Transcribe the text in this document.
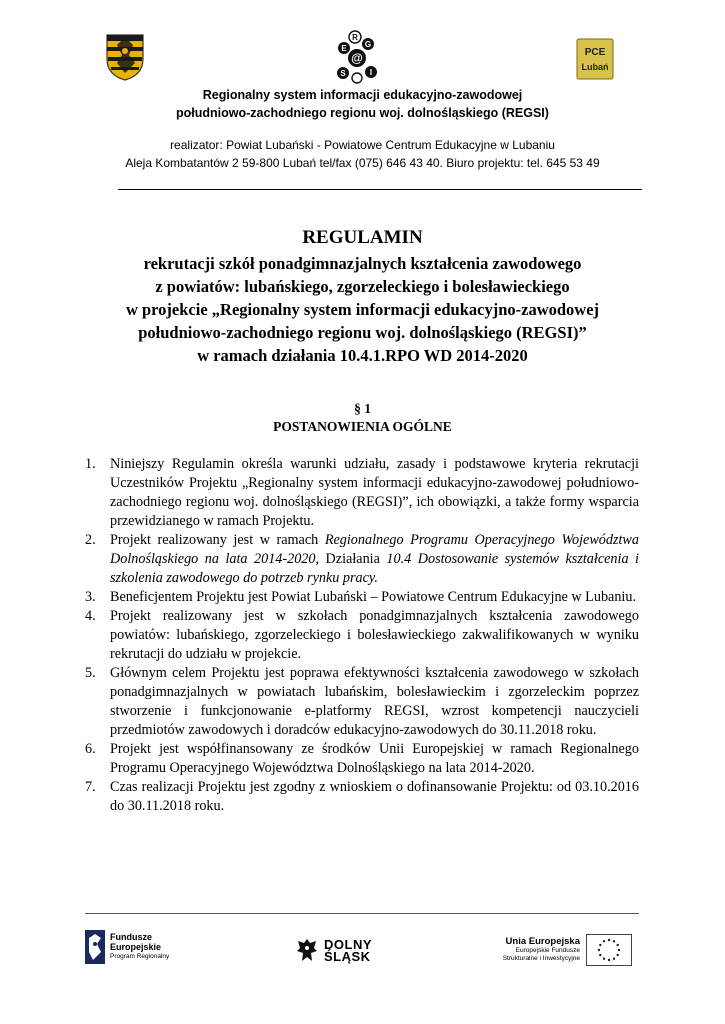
R
E G
@
S	I
PCE
Lubań
Regionalny system informacji edukacyjno-zawodowej
południowo-zachodniego regionu woj. dolnośląskiego (REGSI)
realizator: Powiat Lubański - Powiatowe Centrum Edukacyjne w Lubaniu
Aleja Kombatantów 2 59-800 Lubań tel/fax (075) 646 43 40. Biuro projektu: tel. 645 53 49
REGULAMIN
rekrutacji szkół ponadgimnazjalnych kształcenia zawodowego
z powiatów: lubańskiego, zgorzeleckiego i bolesławieckiego
w projekcie „Regionalny system informacji edukacyjno-zawodowej
południowo-zachodniego regionu woj. dolnośląskiego (REGSI)”
w ramach działania 10.4.1.RPO WD 2014-2020
§ 1
POSTANOWIENIA OGÓLNE

1. Niniejszy Regulamin określa warunki udziału, zasady i podstawowe kryteria rekrutacji Uczestników Projektu „Regionalny system informacji edukacyjno-zawodowej południowo-zachodniego regionu woj. dolnośląskiego (REGSI)”, ich obowiązki, a także formy wsparcia przewidzianego w ramach Projektu.

2. Projekt realizowany jest w ramach Regionalnego Programu Operacyjnego Województwa Dolnośląskiego na lata 2014-2020, Działania 10.4 Dostosowanie systemów kształcenia i szkolenia zawodowego do potrzeb rynku pracy.

3. Beneficjentem Projektu jest Powiat Lubański – Powiatowe Centrum Edukacyjne w Lubaniu.

4. Projekt realizowany jest w szkołach ponadgimnazjalnych kształcenia zawodowego powiatów: lubańskiego, zgorzeleckiego i bolesławieckiego zakwalifikowanych w wyniku rekrutacji do udziału w projekcie.

5. Głównym celem Projektu jest poprawa efektywności kształcenia zawodowego w szkołach ponadgimnazjalnych w powiatach lubańskim, bolesławieckim i zgorzeleckim poprzez stworzenie i funkcjonowanie e-platformy REGSI, wzrost kompetencji nauczycieli przedmiotów zawodowych i doradców edukacyjno-zawodowych do 30.11.2018 roku.

6. Projekt jest współfinansowany ze środków Unii Europejskiej w ramach Regionalnego Programu Operacyjnego Województwa Dolnośląskiego na lata 2014-2020.

7. Czas realizacji Projektu jest zgodny z wnioskiem o dofinansowanie Projektu: od 03.10.2016 do 30.11.2018 roku.

Fundusze
Europejskie
Program Regionalny
DOLNY
ŚLĄSK
Unia Europejska
Europejskie Fundusze
Strukturalne i Inwestycyjne
